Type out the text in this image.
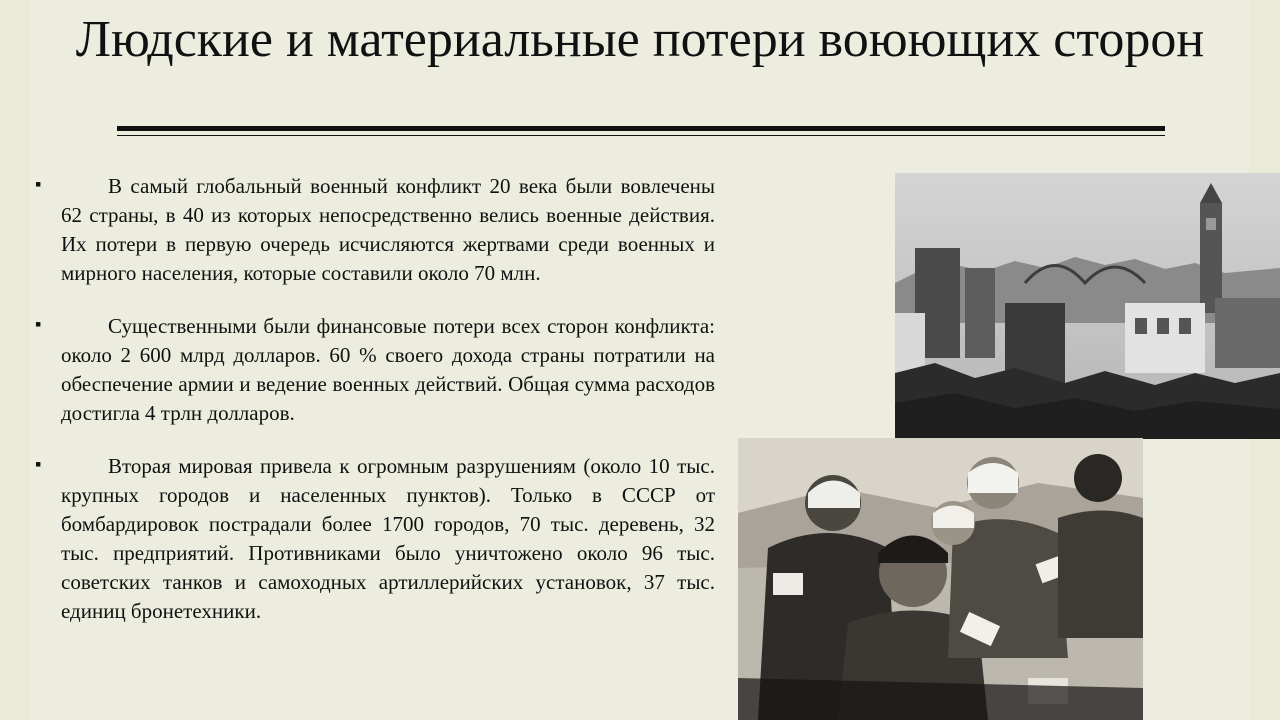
Людские и материальные потери воюющих сторон

▪	В самый глобальный военный конфликт 20 века были вовлечены 62 страны, в 40 из которых непосредственно велись военные действия. Их потери в первую очередь исчисляются жертвами среди военных и мирного населения, которые составили около 70 млн.

▪	Существенными были финансовые потери всех сторон конфликта: около 2 600 млрд долларов. 60 % своего дохода страны потратили на обеспечение армии и ведение военных действий. Общая сумма расходов достигла 4 трлн долларов.

▪	Вторая мировая привела к огромным разрушениям (около 10 тыс. крупных городов и населенных пунктов). Только в СССР от бомбардировок пострадали более 1700 городов, 70 тыс. деревень, 32 тыс. предприятий. Противниками было уничтожено около 96 тыс. советских танков и самоходных артиллерийских установок, 37 тыс. единиц бронетехники.
